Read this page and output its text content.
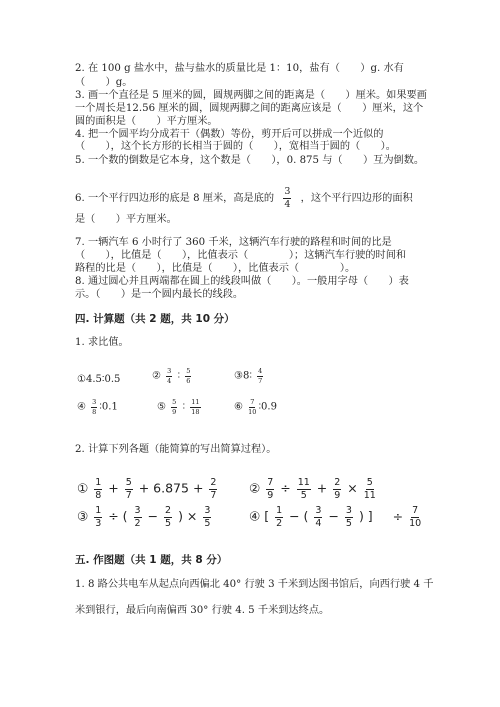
2. 在 100 g 盐水中，盐与盐水的质量比是 1：10，盐有（　　）g. 水有
（　　）g。
3. 画一个直径是 5 厘米的圆，圆规两脚之间的距离是（　　）厘米。如果要画
一个周长是12.56 厘米的圆，圆规两脚之间的距离应该是（　　）厘米，这个
圆的面积是（　　）平方厘米。
4. 把一个圆平均分成若干（偶数）等份，剪开后可以拼成一个近似的
（　　），这个长方形的长相当于圆的（　　），宽相当于圆的（　　）。
5. 一个数的倒数是它本身，这个数是（　　），0. 875 与（　　）互为倒数。
6. 一个平行四边形的底是 8 厘米，高是底的 $\frac{3}{4}$ ，这个平行四边形的面积
是（　　）平方厘米。
7. 一辆汽车 6 小时行了 360 千米，这辆汽车行驶的路程和时间的比是
（　　），比值是（　　），比值表示（　　　　）；这辆汽车行驶的时间和
路程的比是（　　），比值是（　　），比值表示（　　　　）。
8. 通过圆心并且两端都在圆上的线段叫做（　　）。一般用字母（　　）表
示。（　　）是一个圆内最长的线段。
四. 计算题（共 2 题，共 10 分）
1. 求比值。
①4.5∶0.5	② $\frac{3}{4}$ ∶ $\frac{5}{6}$	③8∶ $\frac{4}{7}$
④ $\frac{3}{8}$ ∶0.1	⑤ $\frac{5}{9}$ ∶ $\frac{11}{18}$	⑥ $\frac{7}{10}$ ∶0.9
2. 计算下列各题（能简算的写出简算过程）。
① $\frac{1}{8} + \frac{5}{7} + 6.875 + \frac{2}{7}$	② $\frac{7}{9} \div \frac{11}{5} + \frac{2}{9} \times \frac{5}{11}$
③ $\frac{1}{3}$ ÷ ( $\frac{3}{2} - \frac{2}{5}$ ) × $\frac{3}{5}$	④ [ $\frac{1}{2}$ − ( $\frac{3}{4} - \frac{3}{5}$ ) ] ÷ $\frac{7}{10}$
五. 作图题（共 1 题，共 8 分）
1. 8 路公共电车从起点向西偏北 40° 行驶 3 千米到达图书馆后，向西行驶 4 千
米到银行，最后向南偏西 30° 行驶 4. 5 千米到达终点。
